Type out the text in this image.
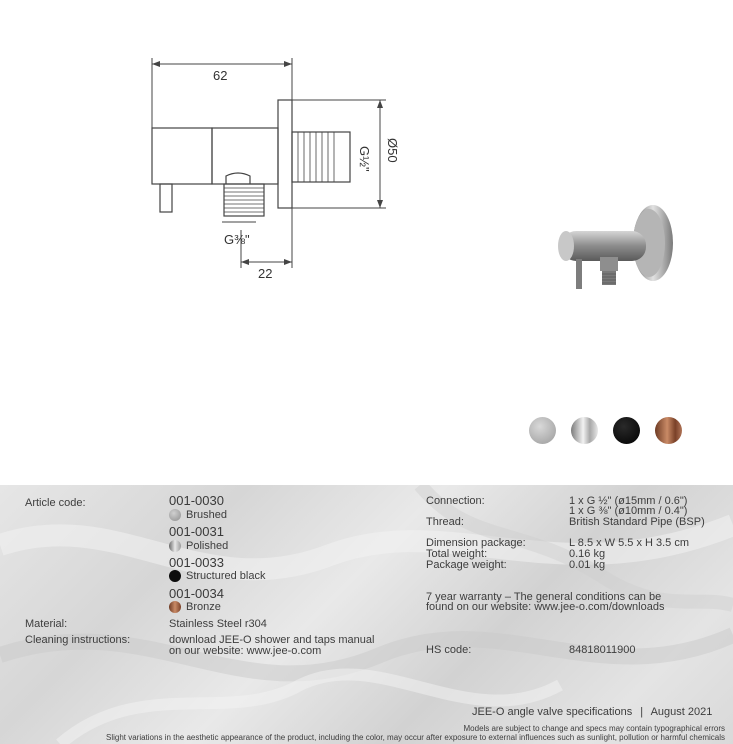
62
G½" Ø50
G⅜"
22
Article code:	001-0030
Brushed
001-0031
Polished
001-0033
Structured black
001-0034
Bronze
Material:	Stainless Steel r304
Cleaning instructions:	download JEE-O shower and taps manual
on our website: www.jee-o.com
Connection:	1 x G ½" (ø15mm / 0.6")
1 x G ⅜" (ø10mm / 0.4")
Thread:	British Standard Pipe (BSP)
Dimension package:	L 8.5 x W 5.5 x H 3.5 cm
Total weight:	0.16 kg
Package weight:	0.01 kg
7 year warranty – The general conditions can be
found on our website: www.jee-o.com/downloads
HS code:	84818011900
JEE-O angle valve specifications | August 2021
Models are subject to change and specs may contain typographical errors
Slight variations in the aesthetic appearance of the product, including the color, may occur after exposure to external influences such as sunlight, pollution or harmful chemicals
